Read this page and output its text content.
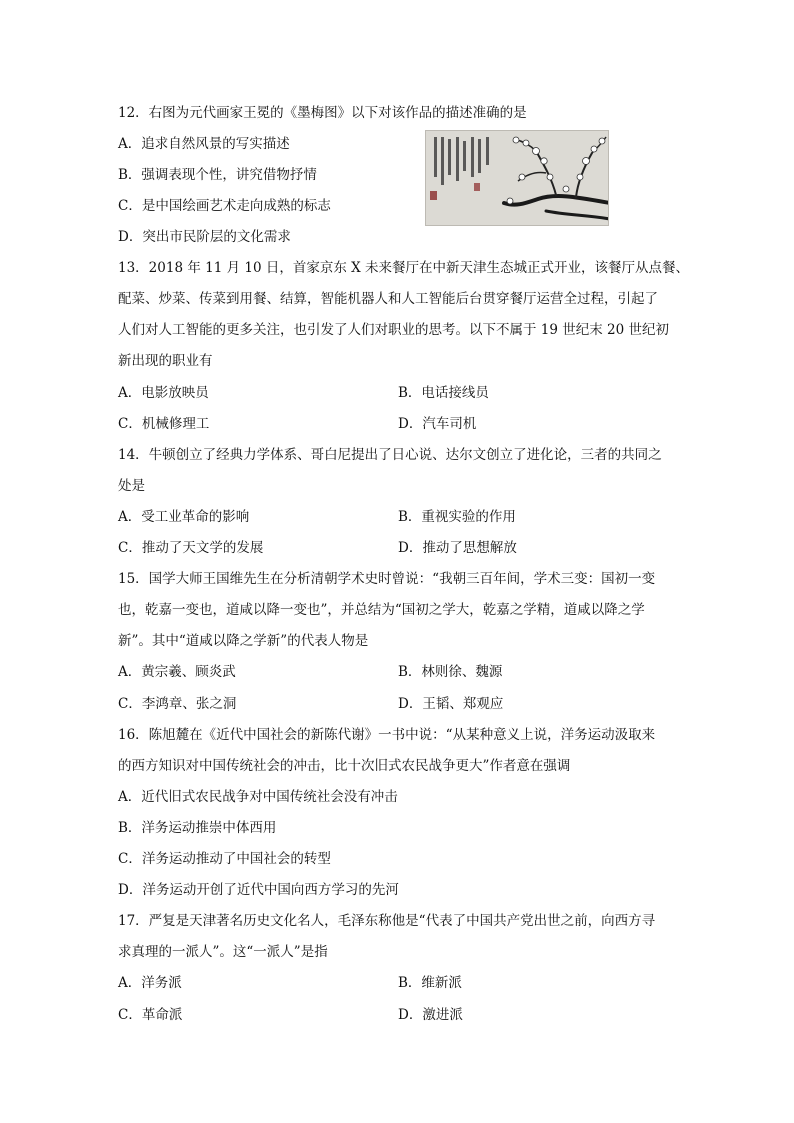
12．右图为元代画家王冕的《墨梅图》以下对该作品的描述准确的是
A．追求自然风景的写实描述
B．强调表现个性，讲究借物抒情
C．是中国绘画艺术走向成熟的标志
D．突出市民阶层的文化需求
13．2018 年 11 月 10 日，首家京东 X 未来餐厅在中新天津生态城正式开业，该餐厅从点餐、
配菜、炒菜、传菜到用餐、结算，智能机器人和人工智能后台贯穿餐厅运营全过程，引起了
人们对人工智能的更多关注，也引发了人们对职业的思考。以下不属于 19 世纪末 20 世纪初
新出现的职业有
A．电影放映员	B．电话接线员
C．机械修理工	D．汽车司机
14．牛顿创立了经典力学体系、哥白尼提出了日心说、达尔文创立了进化论，三者的共同之
处是
A．受工业革命的影响	B．重视实验的作用
C．推动了天文学的发展	D．推动了思想解放
15．国学大师王国维先生在分析清朝学术史时曾说：“我朝三百年间，学术三变：国初一变
也，乾嘉一变也，道咸以降一变也”，并总结为“国初之学大，乾嘉之学精，道咸以降之学
新”。其中“道咸以降之学新”的代表人物是
A．黄宗羲、顾炎武	B．林则徐、魏源
C．李鸿章、张之洞	D．王韬、郑观应
16．陈旭麓在《近代中国社会的新陈代谢》一书中说：“从某种意义上说，洋务运动汲取来
的西方知识对中国传统社会的冲击，比十次旧式农民战争更大”作者意在强调
A．近代旧式农民战争对中国传统社会没有冲击
B．洋务运动推崇中体西用
C．洋务运动推动了中国社会的转型
D．洋务运动开创了近代中国向西方学习的先河
17．严复是天津著名历史文化名人，毛泽东称他是“代表了中国共产党出世之前，向西方寻
求真理的一派人”。这“一派人”是指
A．洋务派	B．维新派
C．革命派	D．激进派
